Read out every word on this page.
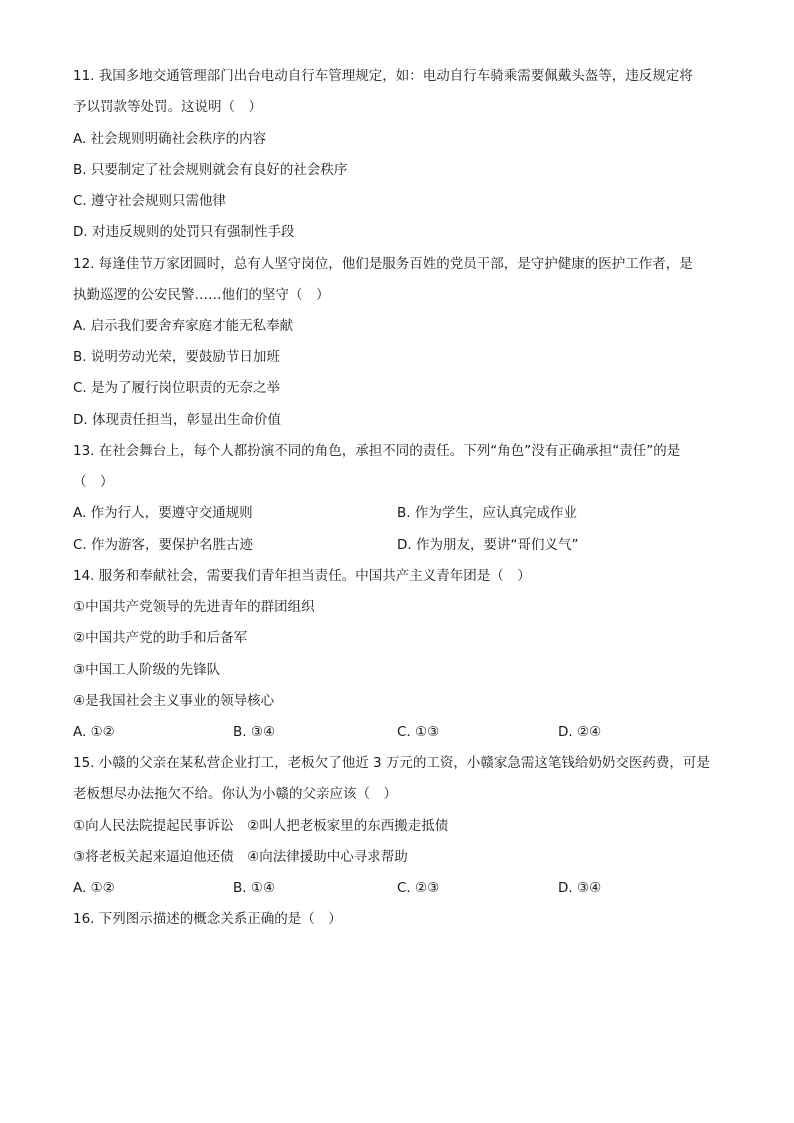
11. 我国多地交通管理部门出台电动自行车管理规定，如：电动自行车骑乘需要佩戴头盔等，违反规定将
予以罚款等处罚。这说明（　）
A. 社会规则明确社会秩序的内容
B. 只要制定了社会规则就会有良好的社会秩序
C. 遵守社会规则只需他律
D. 对违反规则的处罚只有强制性手段
12. 每逢佳节万家团圆时，总有人坚守岗位，他们是服务百姓的党员干部，是守护健康的医护工作者，是
执勤巡逻的公安民警……他们的坚守（　）
A. 启示我们要舍弃家庭才能无私奉献
B. 说明劳动光荣，要鼓励节日加班
C. 是为了履行岗位职责的无奈之举
D. 体现责任担当，彰显出生命价值
13. 在社会舞台上，每个人都扮演不同的角色，承担不同的责任。下列“角色”没有正确承担“责任”的是
（　）
A. 作为行人，要遵守交通规则	B. 作为学生，应认真完成作业
C. 作为游客，要保护名胜古迹	D. 作为朋友，要讲“哥们义气”
14. 服务和奉献社会，需要我们青年担当责任。中国共产主义青年团是（　）
①中国共产党领导的先进青年的群团组织
②中国共产党的助手和后备军
③中国工人阶级的先锋队
④是我国社会主义事业的领导核心
A. ①②	B. ③④	C. ①③	D. ②④
15. 小赣的父亲在某私营企业打工，老板欠了他近 3 万元的工资，小赣家急需这笔钱给奶奶交医药费，可是
老板想尽办法拖欠不给。你认为小赣的父亲应该（　）
①向人民法院提起民事诉讼　②叫人把老板家里的东西搬走抵债
③将老板关起来逼迫他还债　④向法律援助中心寻求帮助
A. ①②	B. ①④	C. ②③	D. ③④
16. 下列图示描述的概念关系正确的是（　）
